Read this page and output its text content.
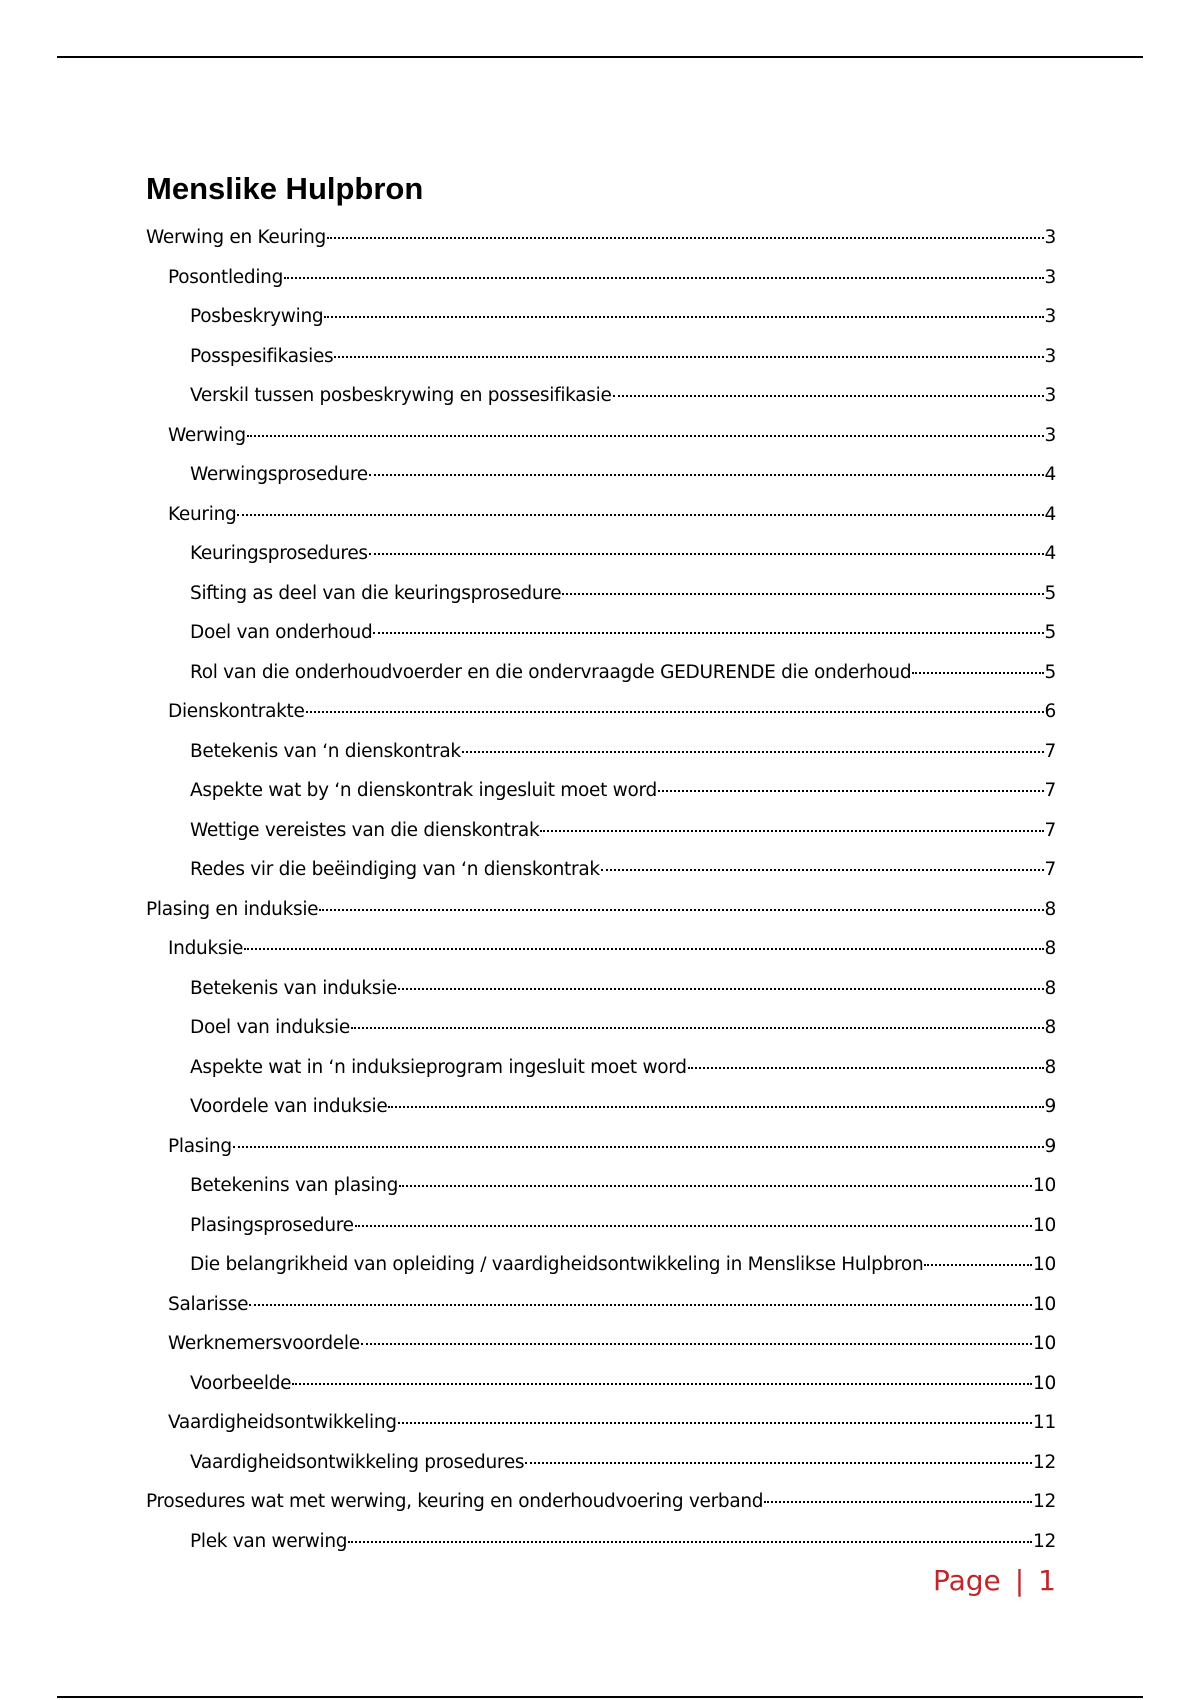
Menslike Hulpbron
Werwing en Keuring	3
Posontleding	3
Posbeskrywing	3
Posspesifikasies	3
Verskil tussen posbeskrywing en possesifikasie	3
Werwing	3
Werwingsprosedure	4
Keuring	4
Keuringsprosedures	4
Sifting as deel van die keuringsprosedure	5
Doel van onderhoud	5
Rol van die onderhoudvoerder en die ondervraagde GEDURENDE die onderhoud	5
Dienskontrakte	6
Betekenis van ‘n dienskontrak	7
Aspekte wat by ‘n dienskontrak ingesluit moet word	7
Wettige vereistes van die dienskontrak	7
Redes vir die beëindiging van ‘n dienskontrak	7
Plasing en induksie	8
Induksie	8
Betekenis van induksie	8
Doel van induksie	8
Aspekte wat in ‘n induksieprogram ingesluit moet word	8
Voordele van induksie	9
Plasing	9
Betekenins van plasing	10
Plasingsprosedure	10
Die belangrikheid van opleiding / vaardigheidsontwikkeling in Menslikse Hulpbron	10
Salarisse	10
Werknemersvoordele	10
Voorbeelde	10
Vaardigheidsontwikkeling	11
Vaardigheidsontwikkeling prosedures	12
Prosedures wat met werwing, keuring en onderhoudvoering verband	12
Plek van werwing	12
Page | 1
